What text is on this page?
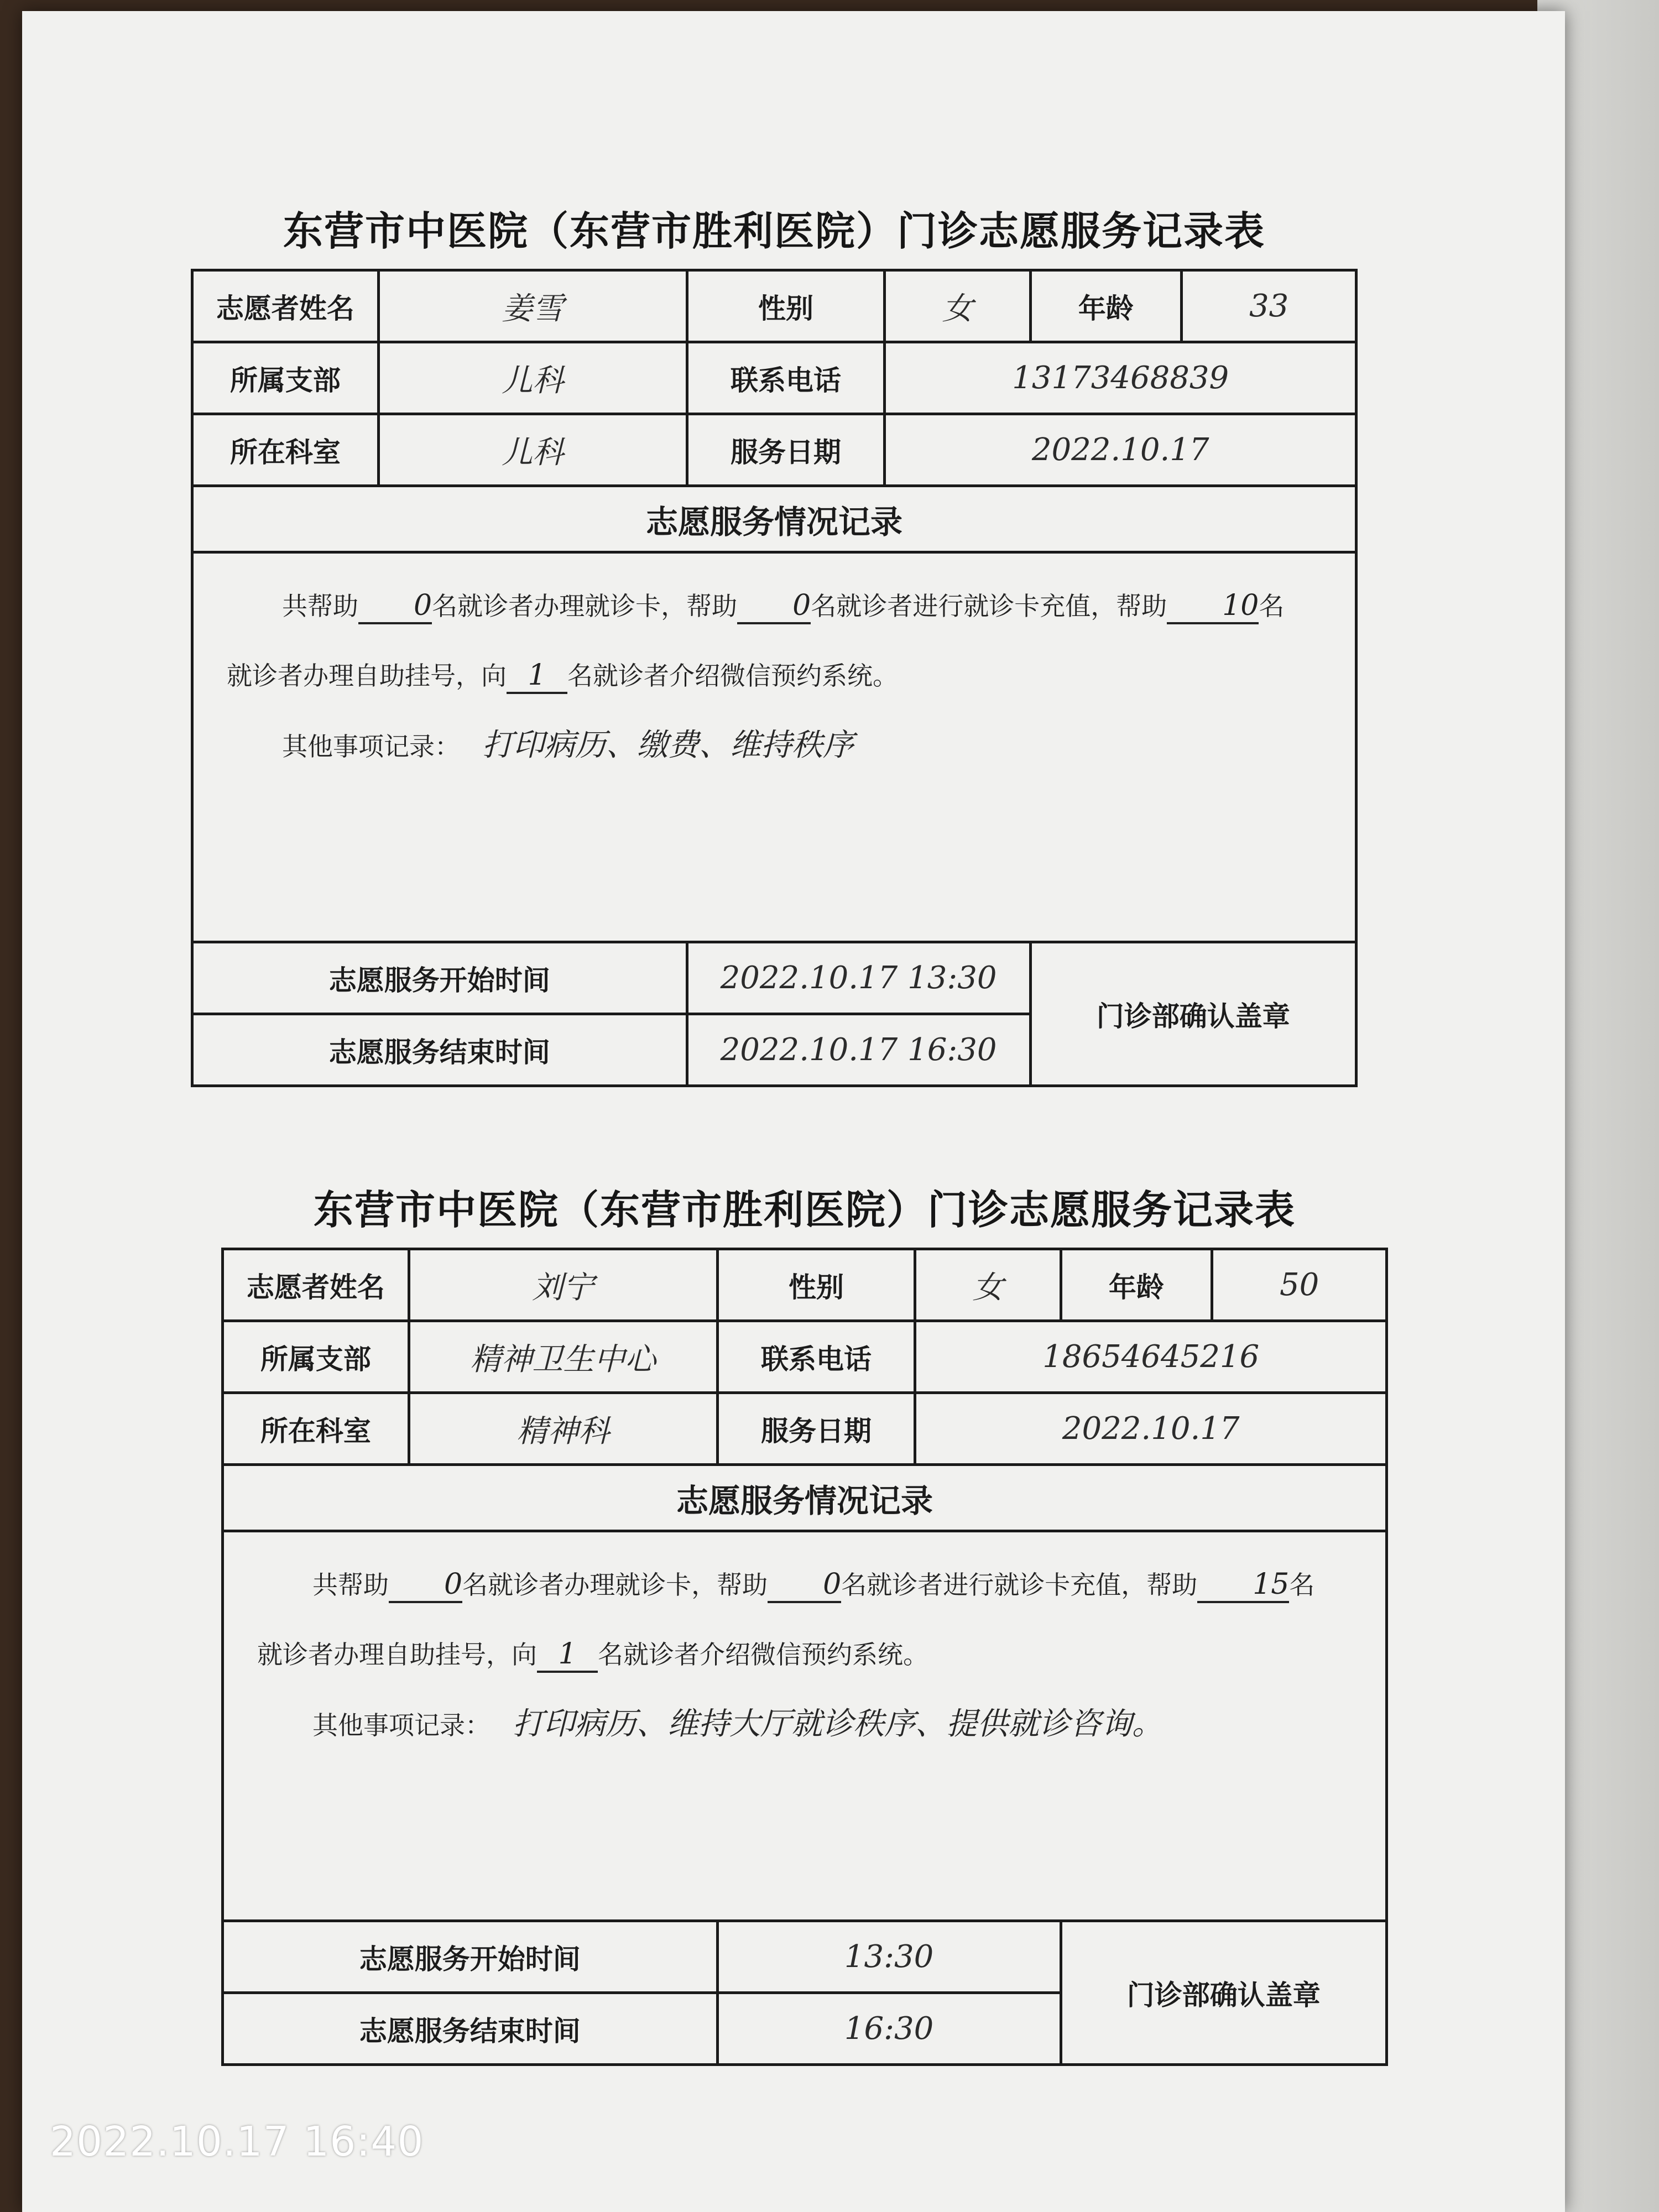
东营市中医院（东营市胜利医院）门诊志愿服务记录表
志愿者姓名	姜雪	性别	女	年龄	33
所属支部	儿科	联系电话	13173468839		
所在科室	儿科	服务日期	2022.10.17		
志愿服务情况记录					

共帮助 0名就诊者办理就诊卡，帮助 0名就诊者进行就诊卡充值，帮助 10名
就诊者办理自助挂号，向 1 名就诊者介绍微信预约系统。
其他事项记录： 打印病历、缴费、维持秩序					

志愿服务开始时间		2022.10.17 13:30		门诊部确认盖章	
志愿服务结束时间		2022.10.17 16:30			
东营市中医院（东营市胜利医院）门诊志愿服务记录表
志愿者姓名	刘宁	性别	女	年龄	50
所属支部	精神卫生中心	联系电话	18654645216		
所在科室	精神科	服务日期	2022.10.17		
志愿服务情况记录					

共帮助 0名就诊者办理就诊卡，帮助 0名就诊者进行就诊卡充值，帮助 15名
就诊者办理自助挂号，向 1 名就诊者介绍微信预约系统。
其他事项记录： 打印病历、维持大厅就诊秩序、提供就诊咨询。					

志愿服务开始时间		13:30		门诊部确认盖章	
志愿服务结束时间		16:30			
2022.10.17 16:40
